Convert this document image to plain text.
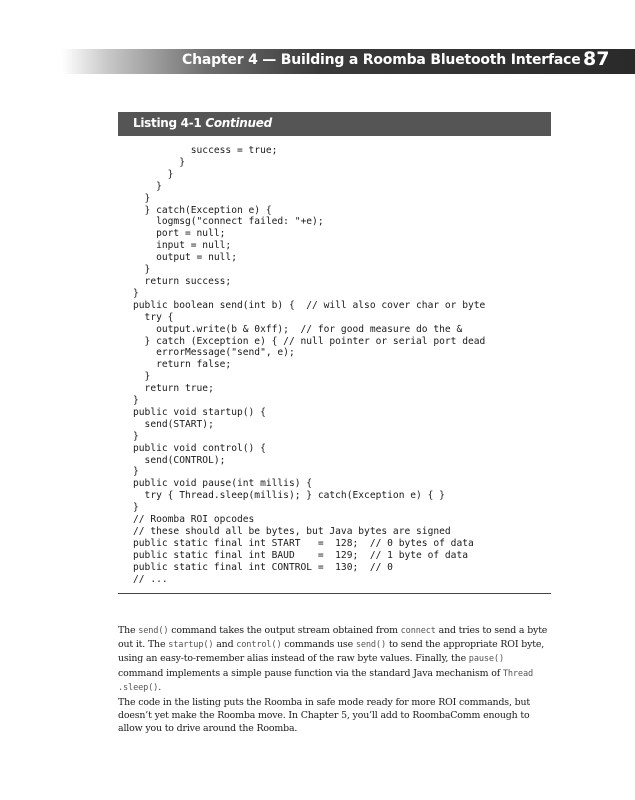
Chapter 4 — Building a Roomba Bluetooth Interface 87
Listing 4-1 Continued
success = true;
}
}
}
}
} catch(Exception e) {
logmsg("connect failed: "+e);
port = null;
input = null;
output = null;
}
return success;
}
public boolean send(int b) {  // will also cover char or byte
try {
output.write(b & 0xff);  // for good measure do the &
} catch (Exception e) { // null pointer or serial port dead
errorMessage("send", e);
return false;
}
return true;
}
public void startup() {
send(START);
}
public void control() {
send(CONTROL);
}
public void pause(int millis) {
try { Thread.sleep(millis); } catch(Exception e) { }
}
// Roomba ROI opcodes
// these should all be bytes, but Java bytes are signed
public static final int START   =  128;  // 0 bytes of data
public static final int BAUD    =  129;  // 1 byte of data
public static final int CONTROL =  130;  // 0
// ...

The send() command takes the output stream obtained from connect and tries to send a byte out it. The startup() and control() commands use send() to send the appropriate ROI byte, using an easy-to-remember alias instead of the raw byte values. Finally, the pause() command implements a simple pause function via the standard Java mechanism of Thread .sleep().

The code in the listing puts the Roomba in safe mode ready for more ROI commands, but doesn’t yet make the Roomba move. In Chapter 5, you’ll add to RoombaComm enough to allow you to drive around the Roomba.
